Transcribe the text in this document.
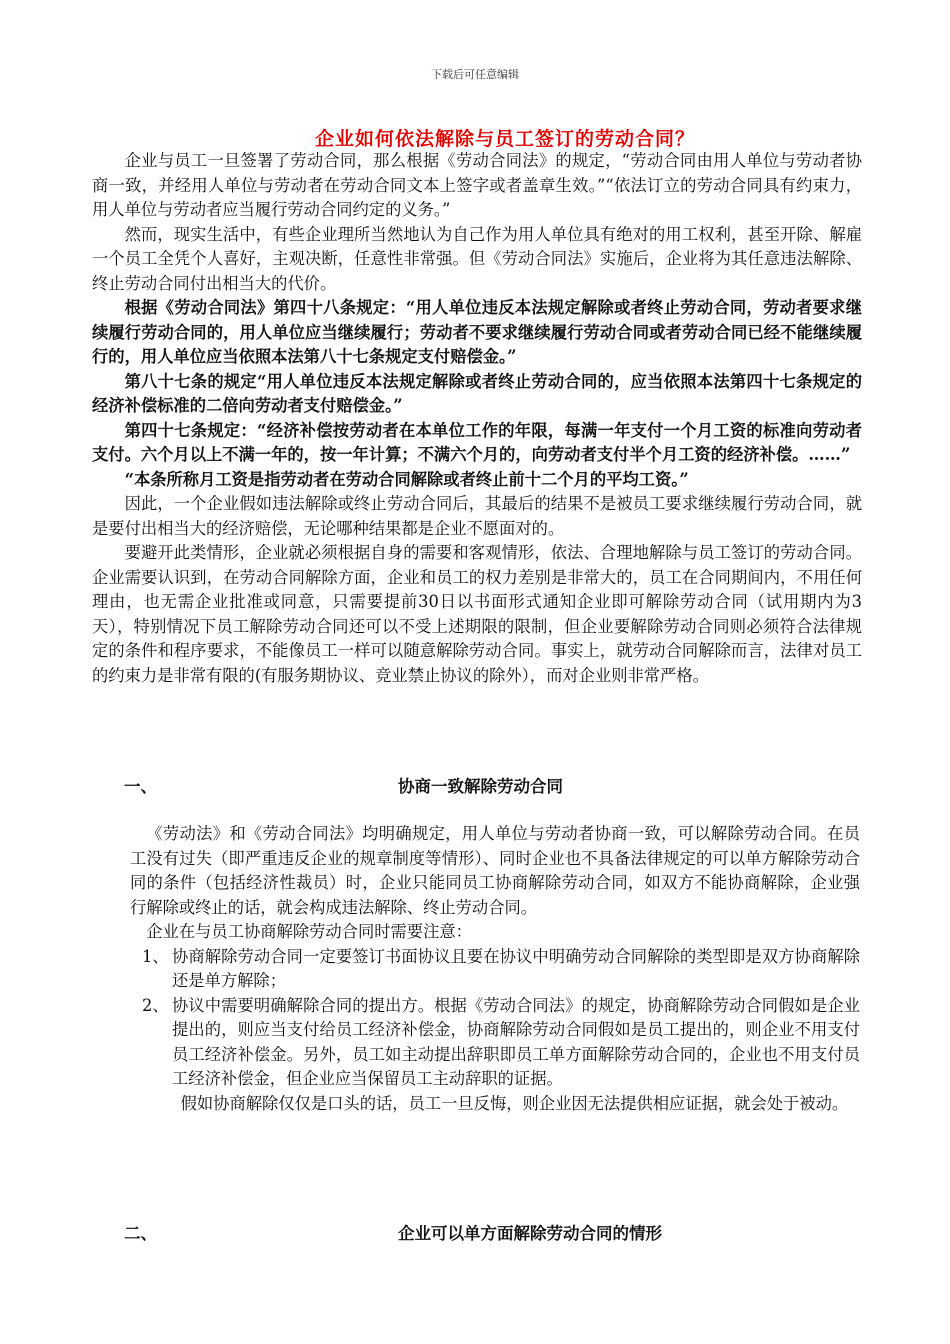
下载后可任意编辑
企业如何依法解除与员工签订的劳动合同？

企业与员工一旦签署了劳动合同，那么根据《劳动合同法》的规定，“劳动合同由用人单位与劳动者协商一致，并经用人单位与劳动者在劳动合同文本上签字或者盖章生效。”“依法订立的劳动合同具有约束力，用人单位与劳动者应当履行劳动合同约定的义务。”

然而，现实生活中，有些企业理所当然地认为自己作为用人单位具有绝对的用工权利，甚至开除、解雇一个员工全凭个人喜好，主观决断，任意性非常强。但《劳动合同法》实施后，企业将为其任意违法解除、终止劳动合同付出相当大的代价。

根据《劳动合同法》第四十八条规定：“用人单位违反本法规定解除或者终止劳动合同，劳动者要求继续履行劳动合同的，用人单位应当继续履行；劳动者不要求继续履行劳动合同或者劳动合同已经不能继续履行的，用人单位应当依照本法第八十七条规定支付赔偿金。”

第八十七条的规定“用人单位违反本法规定解除或者终止劳动合同的，应当依照本法第四十七条规定的经济补偿标准的二倍向劳动者支付赔偿金。”

第四十七条规定：“经济补偿按劳动者在本单位工作的年限，每满一年支付一个月工资的标准向劳动者支付。六个月以上不满一年的，按一年计算；不满六个月的，向劳动者支付半个月工资的经济补偿。……”

“本条所称月工资是指劳动者在劳动合同解除或者终止前十二个月的平均工资。”

因此，一个企业假如违法解除或终止劳动合同后，其最后的结果不是被员工要求继续履行劳动合同，就是要付出相当大的经济赔偿，无论哪种结果都是企业不愿面对的。

要避开此类情形，企业就必须根据自身的需要和客观情形，依法、合理地解除与员工签订的劳动合同。企业需要认识到，在劳动合同解除方面，企业和员工的权力差别是非常大的，员工在合同期间内，不用任何理由，也无需企业批准或同意，只需要提前30日以书面形式通知企业即可解除劳动合同（试用期内为3天），特别情况下员工解除劳动合同还可以不受上述期限的限制，但企业要解除劳动合同则必须符合法律规定的条件和程序要求，不能像员工一样可以随意解除劳动合同。事实上，就劳动合同解除而言，法律对员工的约束力是非常有限的(有服务期协议、竞业禁止协议的除外），而对企业则非常严格。

一、	协商一致解除劳动合同

《劳动法》和《劳动合同法》均明确规定，用人单位与劳动者协商一致，可以解除劳动合同。在员工没有过失（即严重违反企业的规章制度等情形）、同时企业也不具备法律规定的可以单方解除劳动合同的条件（包括经济性裁员）时，企业只能同员工协商解除劳动合同，如双方不能协商解除，企业强行解除或终止的话，就会构成违法解除、终止劳动合同。

企业在与员工协商解除劳动合同时需要注意：

1、 协商解除劳动合同一定要签订书面协议且要在协议中明确劳动合同解除的类型即是双方协商解除还是单方解除；
2、 协议中需要明确解除合同的提出方。根据《劳动合同法》的规定，协商解除劳动合同假如是企业提出的，则应当支付给员工经济补偿金，协商解除劳动合同假如是员工提出的，则企业不用支付员工经济补偿金。另外，员工如主动提出辞职即员工单方面解除劳动合同的，企业也不用支付员工经济补偿金，但企业应当保留员工主动辞职的证据。

假如协商解除仅仅是口头的话，员工一旦反悔，则企业因无法提供相应证据，就会处于被动。

二、	企业可以单方面解除劳动合同的情形
